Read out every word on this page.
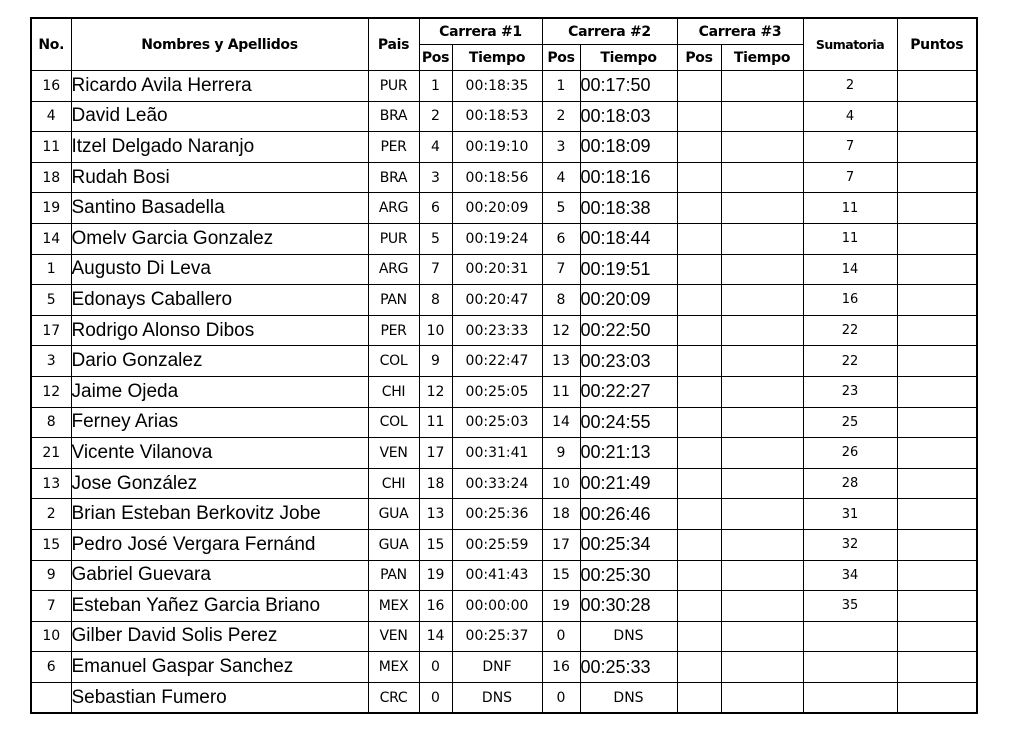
No.	Nombres y Apellidos	Pais	Carrera #1		Carrera #2		Carrera #3		Sumatoria	Puntos
			Pos	Tiempo	Pos	Tiempo	Pos	Tiempo		
16	Ricardo Avila Herrera	PUR	1	00:18:35	1	00:17:50			2	
4	David Leão	BRA	2	00:18:53	2	00:18:03			4	
11	Itzel Delgado Naranjo	PER	4	00:19:10	3	00:18:09			7	
18	Rudah Bosi	BRA	3	00:18:56	4	00:18:16			7	
19	Santino Basadella	ARG	6	00:20:09	5	00:18:38			11	
14	Omelv Garcia Gonzalez	PUR	5	00:19:24	6	00:18:44			11	
1	Augusto Di Leva	ARG	7	00:20:31	7	00:19:51			14	
5	Edonays Caballero	PAN	8	00:20:47	8	00:20:09			16	
17	Rodrigo Alonso Dibos	PER	10	00:23:33	12	00:22:50			22	
3	Dario Gonzalez	COL	9	00:22:47	13	00:23:03			22	
12	Jaime Ojeda	CHI	12	00:25:05	11	00:22:27			23	
8	Ferney Arias	COL	11	00:25:03	14	00:24:55			25	
21	Vicente Vilanova	VEN	17	00:31:41	9	00:21:13			26	
13	Jose González	CHI	18	00:33:24	10	00:21:49			28	
2	Brian Esteban Berkovitz Jobe	GUA	13	00:25:36	18	00:26:46			31	
15	Pedro José Vergara Fernánd	GUA	15	00:25:59	17	00:25:34			32	
9	Gabriel Guevara	PAN	19	00:41:43	15	00:25:30			34	
7	Esteban Yañez Garcia Briano	MEX	16	00:00:00	19	00:30:28			35	
10	Gilber David Solis Perez	VEN	14	00:25:37	0	DNS				
6	Emanuel Gaspar Sanchez	MEX	0	DNF	16	00:25:33				
	Sebastian Fumero	CRC	0	DNS	0	DNS				
